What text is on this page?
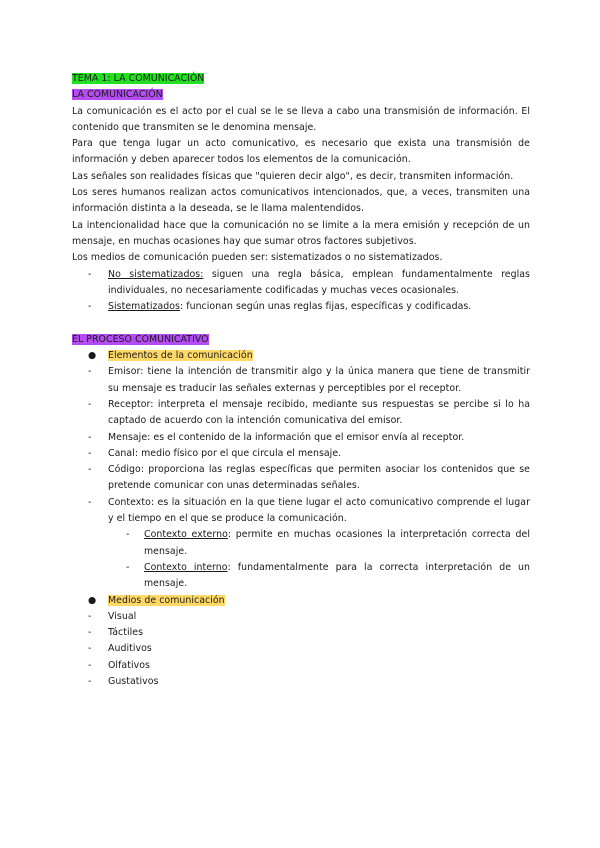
TEMA 1: LA COMUNICACIÓN
LA COMUNICACIÓN

La comunicación es el acto por el cual se le se lleva a cabo una transmisión de información. El contenido que transmiten se le denomina mensaje.

Para que tenga lugar un acto comunicativo, es necesario que exista una transmisión de información y deben aparecer todos los elementos de la comunicación.

Las señales son realidades físicas que "quieren decir algo", es decir, transmiten información.

Los seres humanos realizan actos comunicativos intencionados, que, a veces, transmiten una información distinta a la deseada, se le llama malentendidos.

La intencionalidad hace que la comunicación no se limite a la mera emisión y recepción de un mensaje, en muchas ocasiones hay que sumar otros factores subjetivos.

Los medios de comunicación pueden ser: sistematizados o no sistematizados.

- No sistematizados: siguen una regla básica, emplean fundamentalmente reglas individuales, no necesariamente codificadas y muchas veces ocasionales.
- Sistematizados: funcionan según unas reglas fijas, específicas y codificadas.
EL PROCESO COMUNICATIVO
● Elementos de la comunicación
- Emisor: tiene la intención de transmitir algo y la única manera que tiene de transmitir su mensaje es traducir las señales externas y perceptibles por el receptor.
- Receptor: interpreta el mensaje recibido, mediante sus respuestas se percibe si lo ha captado de acuerdo con la intención comunicativa del emisor.
- Mensaje: es el contenido de la información que el emisor envía al receptor.
- Canal: medio físico por el que circula el mensaje.
- Código: proporciona las reglas específicas que permiten asociar los contenidos que se pretende comunicar con unas determinadas señales.
- Contexto: es la situación en la que tiene lugar el acto comunicativo comprende el lugar y el tiempo en el que se produce la comunicación.
- Contexto externo: permite en muchas ocasiones la interpretación correcta del mensaje.
- Contexto interno: fundamentalmente para la correcta interpretación de un mensaje.
● Medios de comunicación
- Visual
- Táctiles
- Auditivos
- Olfativos
- Gustativos
